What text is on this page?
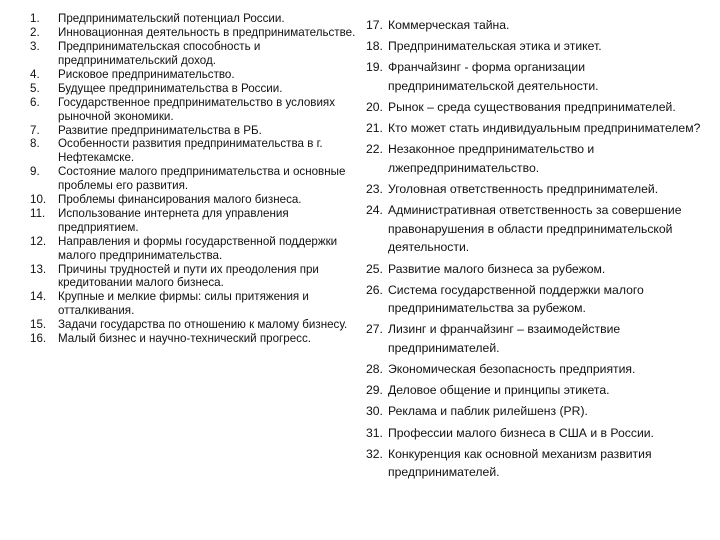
1.	Предпринимательский потенциал России.
2.	Инновационная деятельность в предпринимательстве.
3.	Предпринимательская способность и предпринимательский доход.
4.	Рисковое предпринимательство.
5.	Будущее предпринимательства в России.
6.	Государственное предпринимательство в условиях рыночной экономики.
7.	Развитие предпринимательства в РБ.
8.	Особенности развития предпринимательства в г. Нефтекамске.
9.	Состояние малого предпринимательства и основные проблемы его развития.
10.	Проблемы финансирования малого бизнеса.
11.	Использование интернета для управления предприятием.
12.	Направления и формы государственной поддержки малого предпринимательства.
13.	Причины трудностей и пути их преодоления при кредитовании малого бизнеса.
14.	Крупные и мелкие фирмы: силы притяжения и отталкивания.
15.	Задачи государства по отношению к малому бизнесу.
16.	Малый бизнес и научно-технический прогресс.
17. Коммерческая тайна.
18. Предпринимательская этика и этикет.
19. Франчайзинг - форма организации предпринимательской деятельности.
20. Рынок – среда существования предпринимателей.
21. Кто может стать индивидуальным предпринимателем?
22. Незаконное предпринимательство и лжепредпринимательство.
23. Уголовная ответственность предпринимателей.
24. Административная ответственность за совершение правонарушения в области предпринимательской деятельности.
25. Развитие малого бизнеса за рубежом.
26. Система государственной поддержки малого предпринимательства за рубежом.
27. Лизинг и франчайзинг – взаимодействие предпринимателей.
28. Экономическая безопасность предприятия.
29. Деловое общение и принципы этикета.
30. Реклама и паблик рилейшенз (PR).
31. Профессии малого бизнеса в США и в России.
32. Конкуренция как основной механизм развития предпринимателей.
